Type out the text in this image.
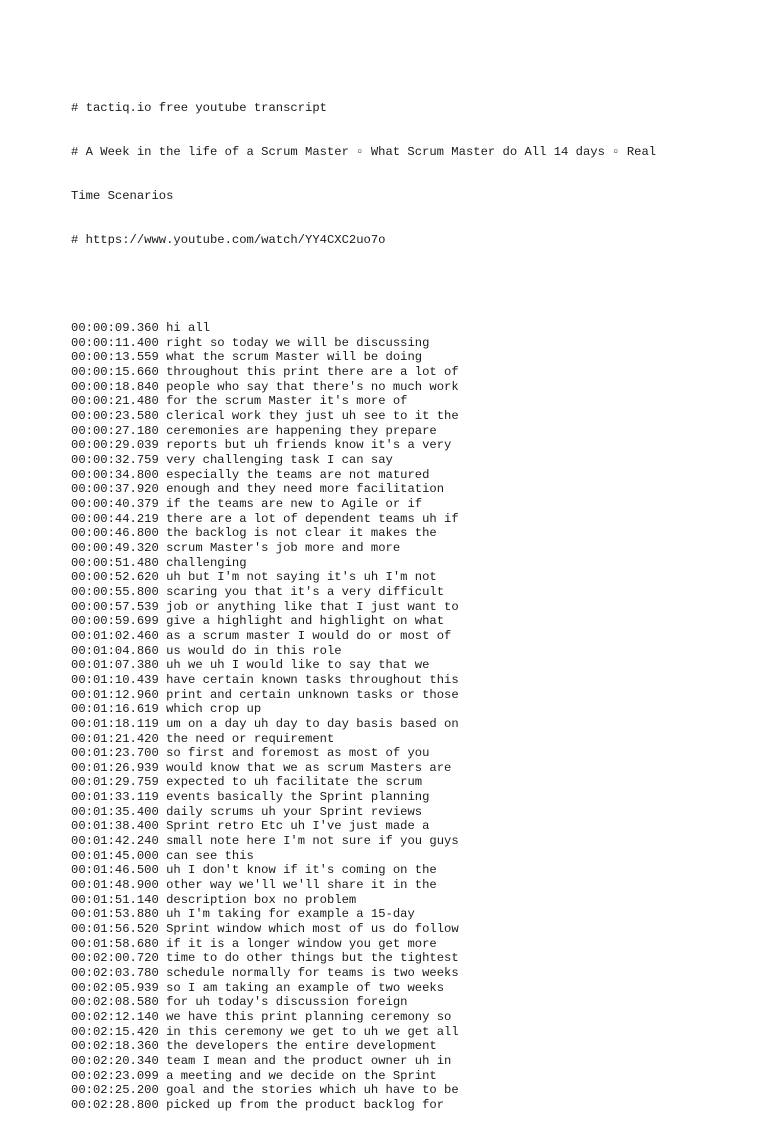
# tactiq.io free youtube transcript

# A Week in the life of a Scrum Master ▫ What Scrum Master do All 14 days ▫ Real

Time Scenarios

# https://www.youtube.com/watch/YY4CXC2uo7o

00:00:09.360 hi all
00:00:11.400 right so today we will be discussing
00:00:13.559 what the scrum Master will be doing
00:00:15.660 throughout this print there are a lot of
00:00:18.840 people who say that there's no much work
00:00:21.480 for the scrum Master it's more of
00:00:23.580 clerical work they just uh see to it the
00:00:27.180 ceremonies are happening they prepare
00:00:29.039 reports but uh friends know it's a very
00:00:32.759 very challenging task I can say
00:00:34.800 especially the teams are not matured
00:00:37.920 enough and they need more facilitation
00:00:40.379 if the teams are new to Agile or if
00:00:44.219 there are a lot of dependent teams uh if
00:00:46.800 the backlog is not clear it makes the
00:00:49.320 scrum Master's job more and more
00:00:51.480 challenging
00:00:52.620 uh but I'm not saying it's uh I'm not
00:00:55.800 scaring you that it's a very difficult
00:00:57.539 job or anything like that I just want to
00:00:59.699 give a highlight and highlight on what
00:01:02.460 as a scrum master I would do or most of
00:01:04.860 us would do in this role
00:01:07.380 uh we uh I would like to say that we
00:01:10.439 have certain known tasks throughout this
00:01:12.960 print and certain unknown tasks or those
00:01:16.619 which crop up
00:01:18.119 um on a day uh day to day basis based on
00:01:21.420 the need or requirement
00:01:23.700 so first and foremost as most of you
00:01:26.939 would know that we as scrum Masters are
00:01:29.759 expected to uh facilitate the scrum
00:01:33.119 events basically the Sprint planning
00:01:35.400 daily scrums uh your Sprint reviews
00:01:38.400 Sprint retro Etc uh I've just made a
00:01:42.240 small note here I'm not sure if you guys
00:01:45.000 can see this
00:01:46.500 uh I don't know if it's coming on the
00:01:48.900 other way we'll we'll share it in the
00:01:51.140 description box no problem
00:01:53.880 uh I'm taking for example a 15-day
00:01:56.520 Sprint window which most of us do follow
00:01:58.680 if it is a longer window you get more
00:02:00.720 time to do other things but the tightest
00:02:03.780 schedule normally for teams is two weeks
00:02:05.939 so I am taking an example of two weeks
00:02:08.580 for uh today's discussion foreign
00:02:12.140 we have this print planning ceremony so
00:02:15.420 in this ceremony we get to uh we get all
00:02:18.360 the developers the entire development
00:02:20.340 team I mean and the product owner uh in
00:02:23.099 a meeting and we decide on the Sprint
00:02:25.200 goal and the stories which uh have to be
00:02:28.800 picked up from the product backlog for
